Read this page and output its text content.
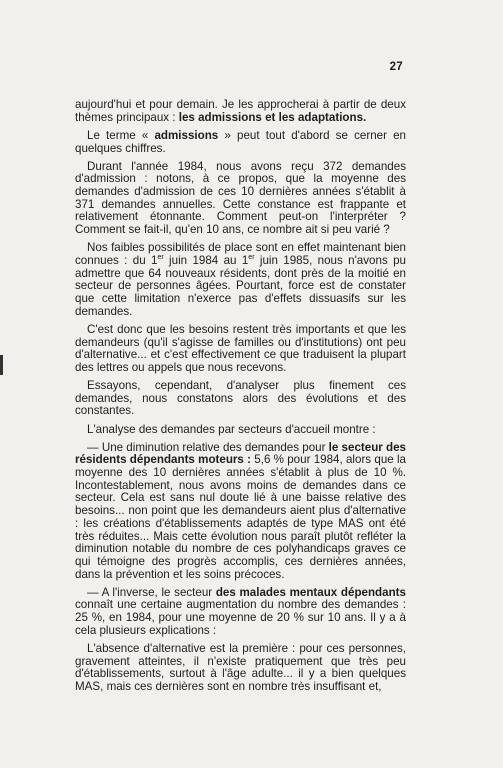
27

aujourd'hui et pour demain. Je les approcherai à partir de deux thèmes principaux : les admissions et les adaptations.

Le terme « admissions » peut tout d'abord se cerner en quelques chiffres.

Durant l'année 1984, nous avons reçu 372 demandes d'admission : notons, à ce propos, que la moyenne des demandes d'admission de ces 10 dernières années s'établit à 371 demandes annuelles. Cette constance est frappante et relativement étonnante. Comment peut-on l'interpréter ? Comment se fait-il, qu'en 10 ans, ce nombre ait si peu varié ?

Nos faibles possibilités de place sont en effet maintenant bien connues : du 1er juin 1984 au 1er juin 1985, nous n'avons pu admettre que 64 nouveaux résidents, dont près de la moitié en secteur de personnes âgées. Pourtant, force est de constater que cette limitation n'exerce pas d'effets dissuasifs sur les demandes.

C'est donc que les besoins restent très importants et que les demandeurs (qu'il s'agisse de familles ou d'institutions) ont peu d'alternative... et c'est effectivement ce que traduisent la plupart des lettres ou appels que nous recevons.

Essayons, cependant, d'analyser plus finement ces demandes, nous constatons alors des évolutions et des constantes.

L'analyse des demandes par secteurs d'accueil montre :

— Une diminution relative des demandes pour le secteur des résidents dépendants moteurs : 5,6 % pour 1984, alors que la moyenne des 10 dernières années s'établit à plus de 10 %. Incontestablement, nous avons moins de demandes dans ce secteur. Cela est sans nul doute lié à une baisse relative des besoins... non point que les demandeurs aient plus d'alternative : les créations d'établissements adaptés de type MAS ont été très réduites... Mais cette évolution nous paraît plutôt refléter la diminution notable du nombre de ces polyhandicaps graves ce qui témoigne des progrès accomplis, ces dernières années, dans la prévention et les soins précoces.

— A l'inverse, le secteur des malades mentaux dépendants connaît une certaine augmentation du nombre des demandes : 25 %, en 1984, pour une moyenne de 20 % sur 10 ans. Il y a à cela plusieurs explications :

L'absence d'alternative est la première : pour ces personnes, gravement atteintes, il n'existe pratiquement que très peu d'établissements, surtout à l'âge adulte... il y a bien quelques MAS, mais ces dernières sont en nombre très insuffisant et,
